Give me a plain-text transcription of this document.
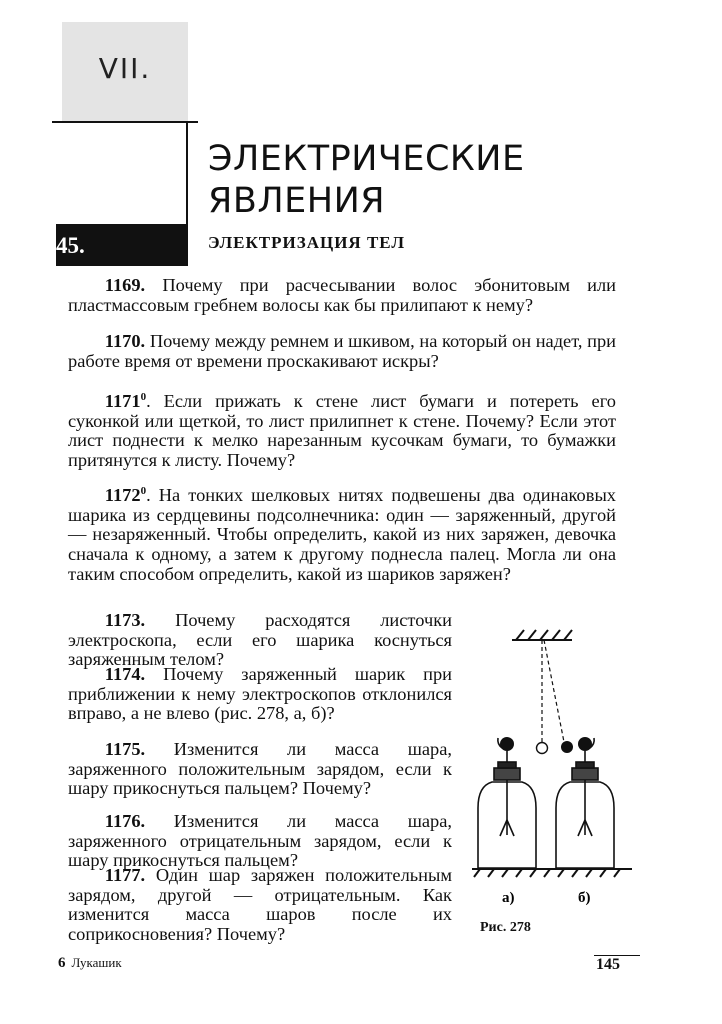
VII.
ЭЛЕКТРИЧЕСКИЕ
ЯВЛЕНИЯ
45.	ЭЛЕКТРИЗАЦИЯ ТЕЛ
  1169. Почему при расчесывании волос эбонитовым или пластмассовым гребнем волосы как бы прилипают к нему?
  1170. Почему между ремнем и шкивом, на который он надет, при работе время от времени проскакивают искры?
  1171$^0$. Если прижать к стене лист бумаги и потереть его суконкой или щеткой, то лист прилипнет к стене. Почему? Если этот лист поднести к мелко нарезанным кусочкам бумаги, то бумажки притянутся к листу. Почему?
  1172$^0$. На тонких шелковых нитях подвешены два одинаковых шарика из сердцевины подсолнечника: один — заряженный, другой — незаряженный. Чтобы определить, какой из них заряжен, девочка сначала к одному, а затем к другому поднесла палец. Могла ли она таким способом определить, какой из шариков заряжен?
  1173. Почему расходятся листочки электроскопа, если его шарика коснуться заряженным телом?
  1174. Почему заряженный шарик при приближении к нему электроскопов отклонился вправо, а не влево (рис. 278, а, б)?
  1175. Изменится ли масса шара, заряженного положительным зарядом, если к шару прикоснуться пальцем? Почему?
  1176. Изменится ли масса шара, заряженного отрицательным зарядом, если к шару прикоснуться пальцем?
  1177. Один шар заряжен положительным зарядом, другой — отрицательным. Как изменится масса шаров после их соприкосновения? Почему?
а)	б)
Рис. 278
6 Лукашик	145
